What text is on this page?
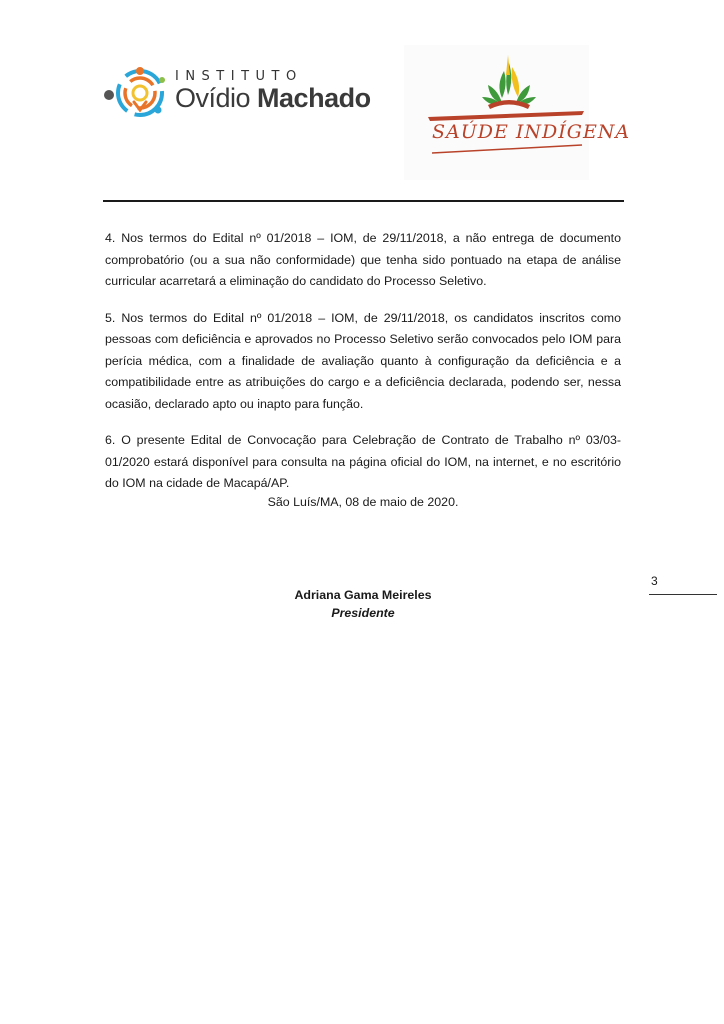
INSTITUTO
Ovídio Machado
SAÚDE INDÍGENA

4. Nos termos do Edital nº 01/2018 – IOM, de 29/11/2018, a não entrega de documento comprobatório (ou a sua não conformidade) que tenha sido pontuado na etapa de análise curricular acarretará a eliminação do candidato do Processo Seletivo.

5. Nos termos do Edital nº 01/2018 – IOM, de 29/11/2018, os candidatos inscritos como pessoas com deficiência e aprovados no Processo Seletivo serão convocados pelo IOM para perícia médica, com a finalidade de avaliação quanto à configuração da deficiência e a compatibilidade entre as atribuições do cargo e a deficiência declarada, podendo ser, nessa ocasião, declarado apto ou inapto para função.

6. O presente Edital de Convocação para Celebração de Contrato de Trabalho nº 03/03-01/2020 estará disponível para consulta na página oficial do IOM, na internet, e no escritório do IOM na cidade de Macapá/AP.

São Luís/MA, 08 de maio de 2020.
Adriana Gama Meireles
Presidente
3
